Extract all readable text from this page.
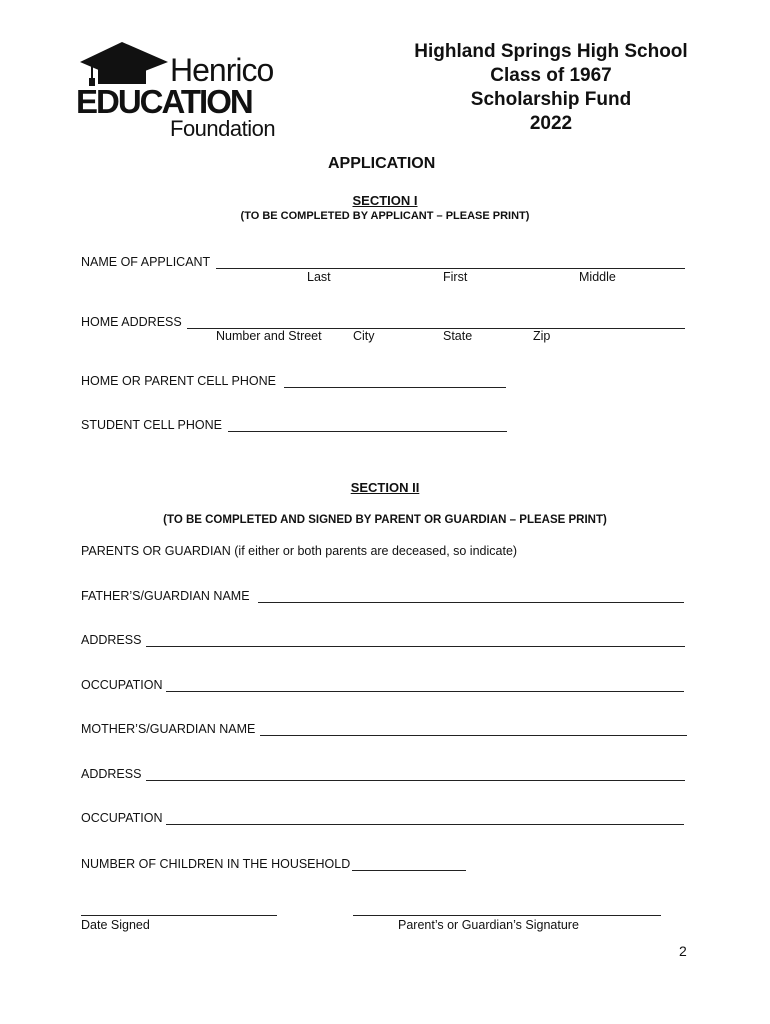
Henrico
EDUCATION
Foundation
Highland Springs High School
Class of 1967
Scholarship Fund
2022
APPLICATION
SECTION I
(TO BE COMPLETED BY APPLICANT – PLEASE PRINT)
NAME OF APPLICANT
Last	First	Middle
HOME ADDRESS
Number and Street	City	State	Zip
HOME OR PARENT CELL PHONE
STUDENT CELL PHONE
SECTION II
(TO BE COMPLETED AND SIGNED BY PARENT OR GUARDIAN – PLEASE PRINT)
PARENTS OR GUARDIAN (if either or both parents are deceased, so indicate)
FATHER’S/GUARDIAN NAME
ADDRESS
OCCUPATION
MOTHER’S/GUARDIAN NAME
ADDRESS
OCCUPATION
NUMBER OF CHILDREN IN THE HOUSEHOLD
Date Signed	Parent’s or Guardian’s Signature
2
